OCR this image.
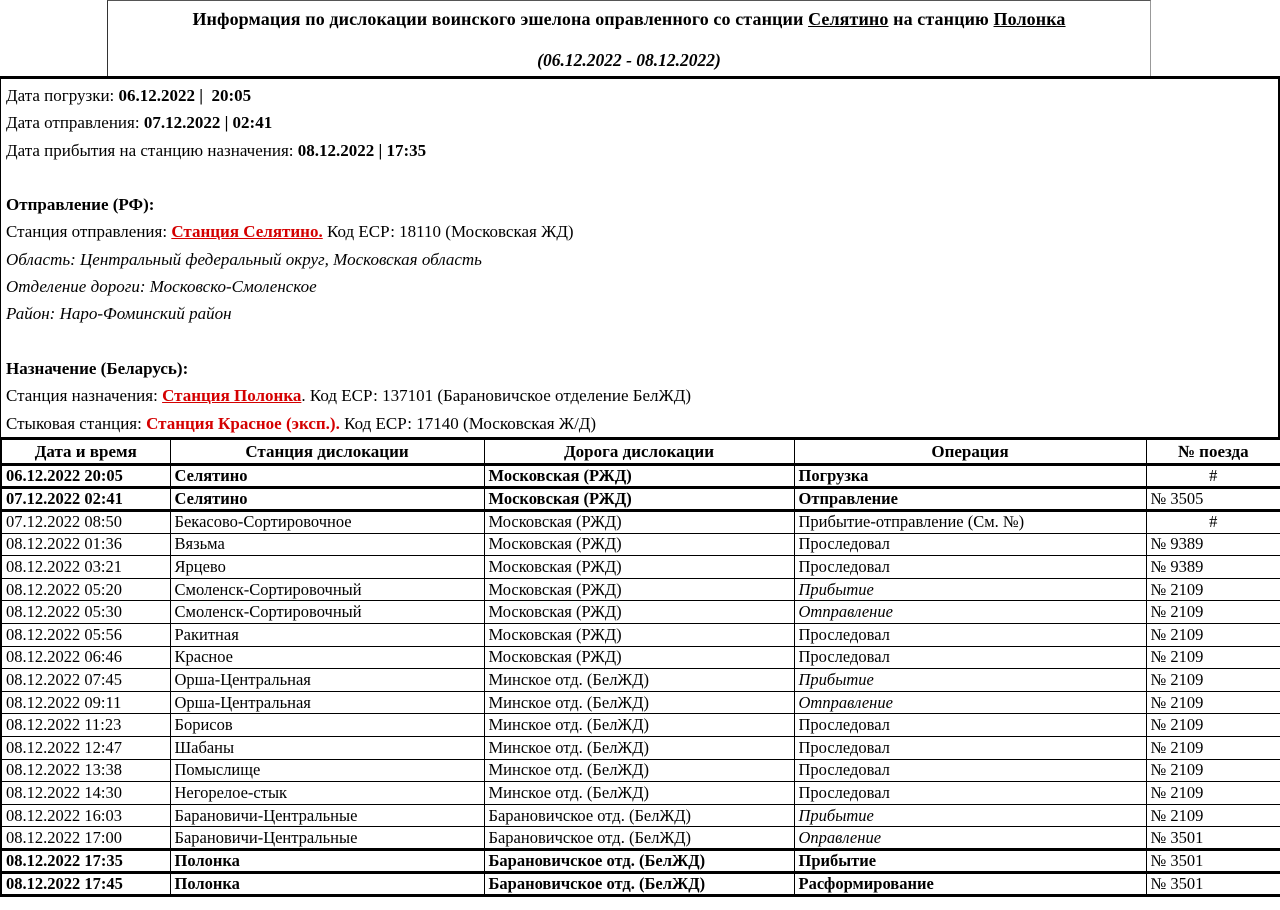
Информация по дислокации воинского эшелона оправленного со станции Селятино на станцию Полонка
(06.12.2022 - 08.12.2022)
Дата погрузки: 06.12.2022 |  20:05
Дата отправления: 07.12.2022 | 02:41
Дата прибытия на станцию назначения: 08.12.2022 | 17:35
Отправление (РФ):
Станция отправления: Станция Селятино. Код ЕСР: 18110 (Московская ЖД)
Область: Центральный федеральный округ, Московская область
Отделение дороги: Московско-Смоленское
Район: Наро-Фоминский район
Назначение (Беларусь):
Станция назначения: Станция Полонка. Код ЕСР: 137101 (Барановичское отделение БелЖД)
Стыковая станция: Станция Красное (эксп.). Код ЕСР: 17140 (Московская Ж/Д)
Дата и время	Станция дислокации	Дорога дислокации	Операция	№ поезда
06.12.2022 20:05	Селятино	Московская (РЖД)	Погрузка	#
07.12.2022 02:41	Селятино	Московская (РЖД)	Отправление	№ 3505
07.12.2022 08:50	Бекасово-Сортировочное	Московская (РЖД)	Прибытие-отправление (См. №)	#
08.12.2022 01:36	Вязьма	Московская (РЖД)	Проследовал	№ 9389
08.12.2022 03:21	Ярцево	Московская (РЖД)	Проследовал	№ 9389
08.12.2022 05:20	Смоленск-Сортировочный	Московская (РЖД)	Прибытие	№ 2109
08.12.2022 05:30	Смоленск-Сортировочный	Московская (РЖД)	Отправление	№ 2109
08.12.2022 05:56	Ракитная	Московская (РЖД)	Проследовал	№ 2109
08.12.2022 06:46	Красное	Московская (РЖД)	Проследовал	№ 2109
08.12.2022 07:45	Орша-Центральная	Минское отд. (БелЖД)	Прибытие	№ 2109
08.12.2022 09:11	Орша-Центральная	Минское отд. (БелЖД)	Отправление	№ 2109
08.12.2022 11:23	Борисов	Минское отд. (БелЖД)	Проследовал	№ 2109
08.12.2022 12:47	Шабаны	Минское отд. (БелЖД)	Проследовал	№ 2109
08.12.2022 13:38	Помыслище	Минское отд. (БелЖД)	Проследовал	№ 2109
08.12.2022 14:30	Негорелое-стык	Минское отд. (БелЖД)	Проследовал	№ 2109
08.12.2022 16:03	Барановичи-Центральные	Барановичское отд. (БелЖД)	Прибытие	№ 2109
08.12.2022 17:00	Барановичи-Центральные	Барановичское отд. (БелЖД)	Оправление	№ 3501
08.12.2022 17:35	Полонка	Барановичское отд. (БелЖД)	Прибытие	№ 3501
08.12.2022 17:45	Полонка	Барановичское отд. (БелЖД)	Расформирование	№ 3501
